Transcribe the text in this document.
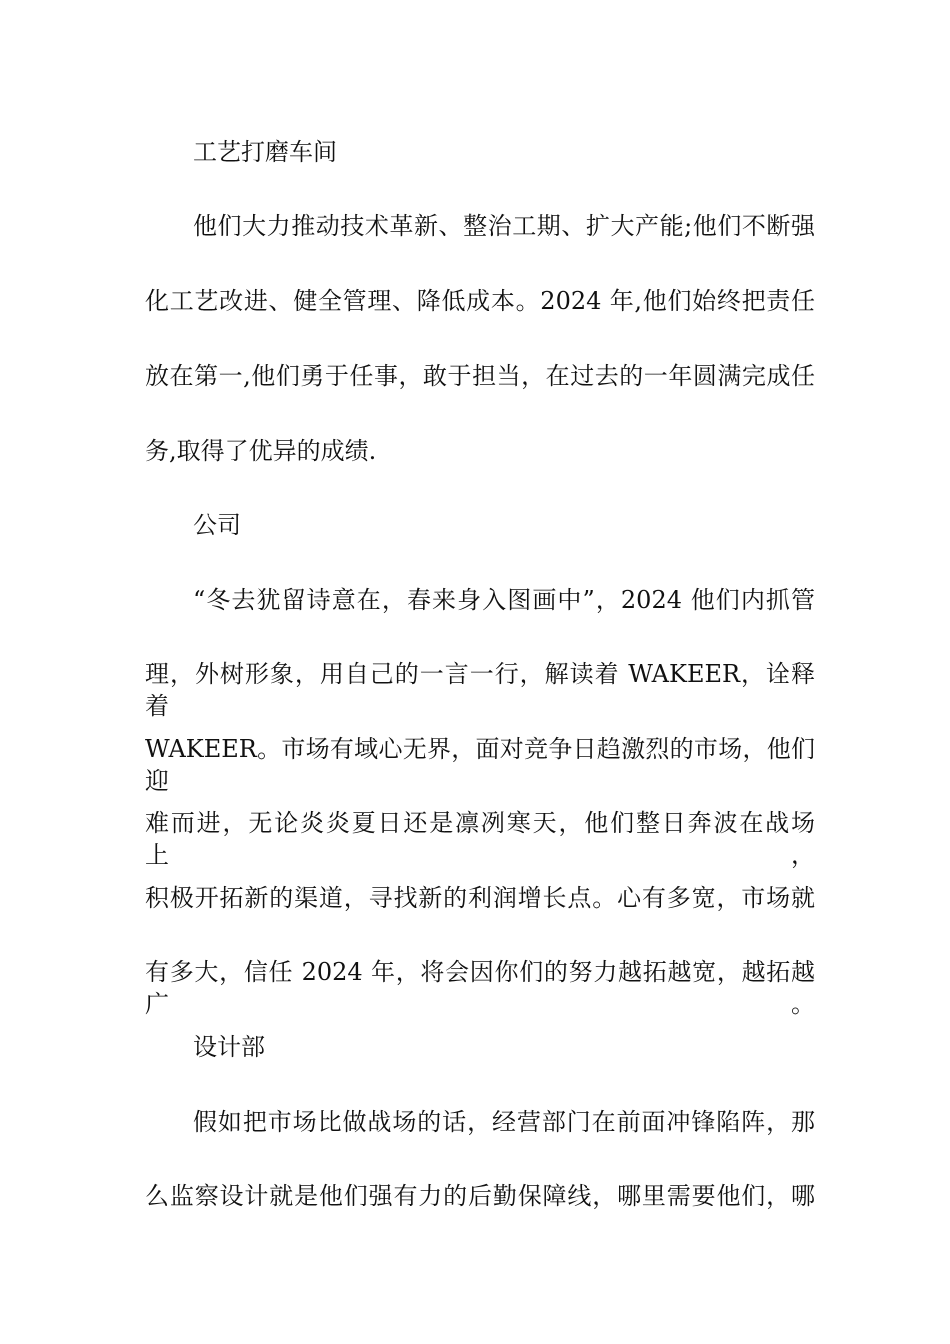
工艺打磨车间
他们大力推动技术革新、整治工期、扩大产能;他们不断强
化工艺改进、健全管理、降低成本。2024 年,他们始终把责任
放在第一,他们勇于任事，敢于担当，在过去的一年圆满完成任
务,取得了优异的成绩.
公司
“冬去犹留诗意在，春来身入图画中”，2024 他们内抓管
理，外树形象，用自己的一言一行，解读着 WAKEER，诠释着
WAKEER。市场有域心无界，面对竞争日趋激烈的市场，他们迎
难而进，无论炎炎夏日还是凛冽寒天，他们整日奔波在战场上，
积极开拓新的渠道，寻找新的利润增长点。心有多宽，市场就
有多大，信任 2024 年，将会因你们的努力越拓越宽，越拓越广。
设计部
假如把市场比做战场的话，经营部门在前面冲锋陷阵，那
么监察设计就是他们强有力的后勤保障线，哪里需要他们，哪
